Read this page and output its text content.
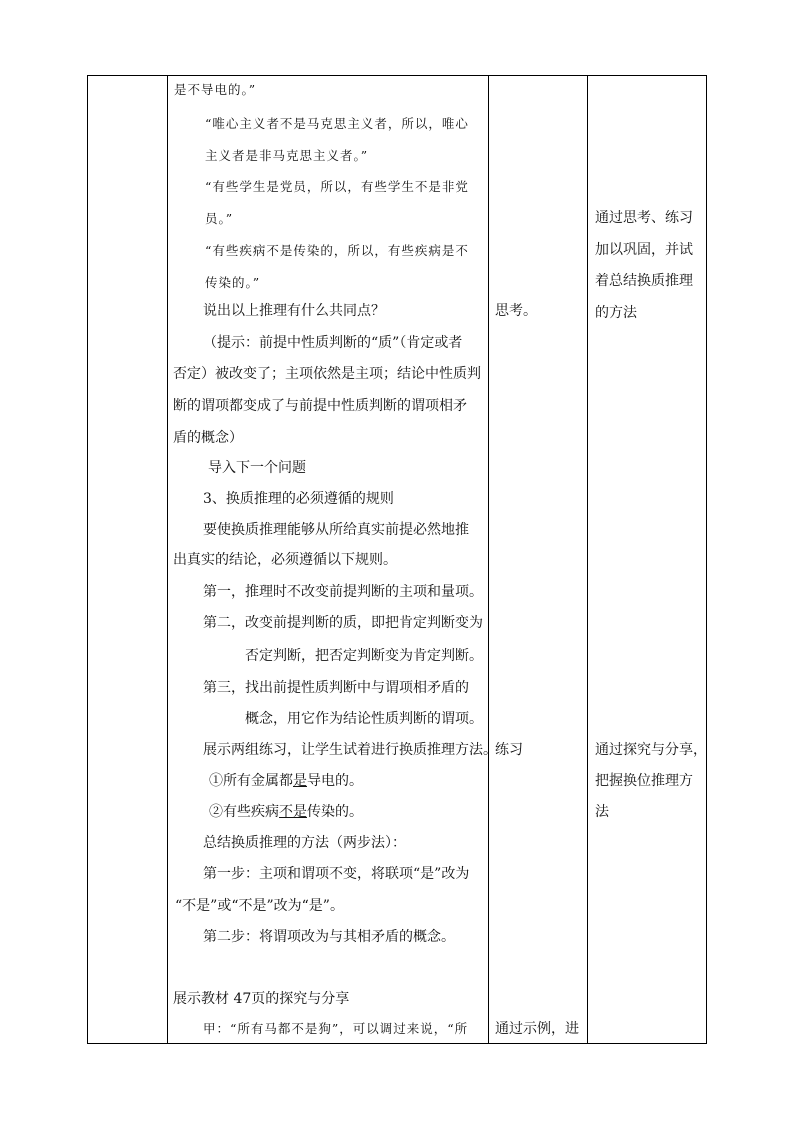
是不导电的。”
“唯心主义者不是马克思主义者，所以，唯心
主义者是非马克思主义者。”
“有些学生是党员，所以，有些学生不是非党
员。”
“有些疾病不是传染的，所以，有些疾病是不
传染的。”
说出以上推理有什么共同点？
（提示：前提中性质判断的“质”（肯定或者
否定）被改变了；主项依然是主项；结论中性质判
断的谓项都变成了与前提中性质判断的谓项相矛
盾的概念）
导入下一个问题
3、换质推理的必须遵循的规则
要使换质推理能够从所给真实前提必然地推
出真实的结论，必须遵循以下规则。
第一，推理时不改变前提判断的主项和量项。
第二，改变前提判断的质，即把肯定判断变为
否定判断，把否定判断变为肯定判断。
第三，找出前提性质判断中与谓项相矛盾的
概念，用它作为结论性质判断的谓项。
展示两组练习，让学生试着进行换质推理方法。
①所有金属都是导电的。
②有些疾病不是传染的。
总结换质推理的方法（两步法）：
第一步：主项和谓项不变，将联项“是”改为
“不是”或“不是”改为“是”。
第二步：将谓项改为与其相矛盾的概念。
展示教材 47页的探究与分享
甲：“所有马都不是狗”，可以调过来说，“所
思考。
练习
通过示例，进
通过思考、练习
加以巩固，并试
着总结换质推理
的方法
通过探究与分享，
把握换位推理方
法
